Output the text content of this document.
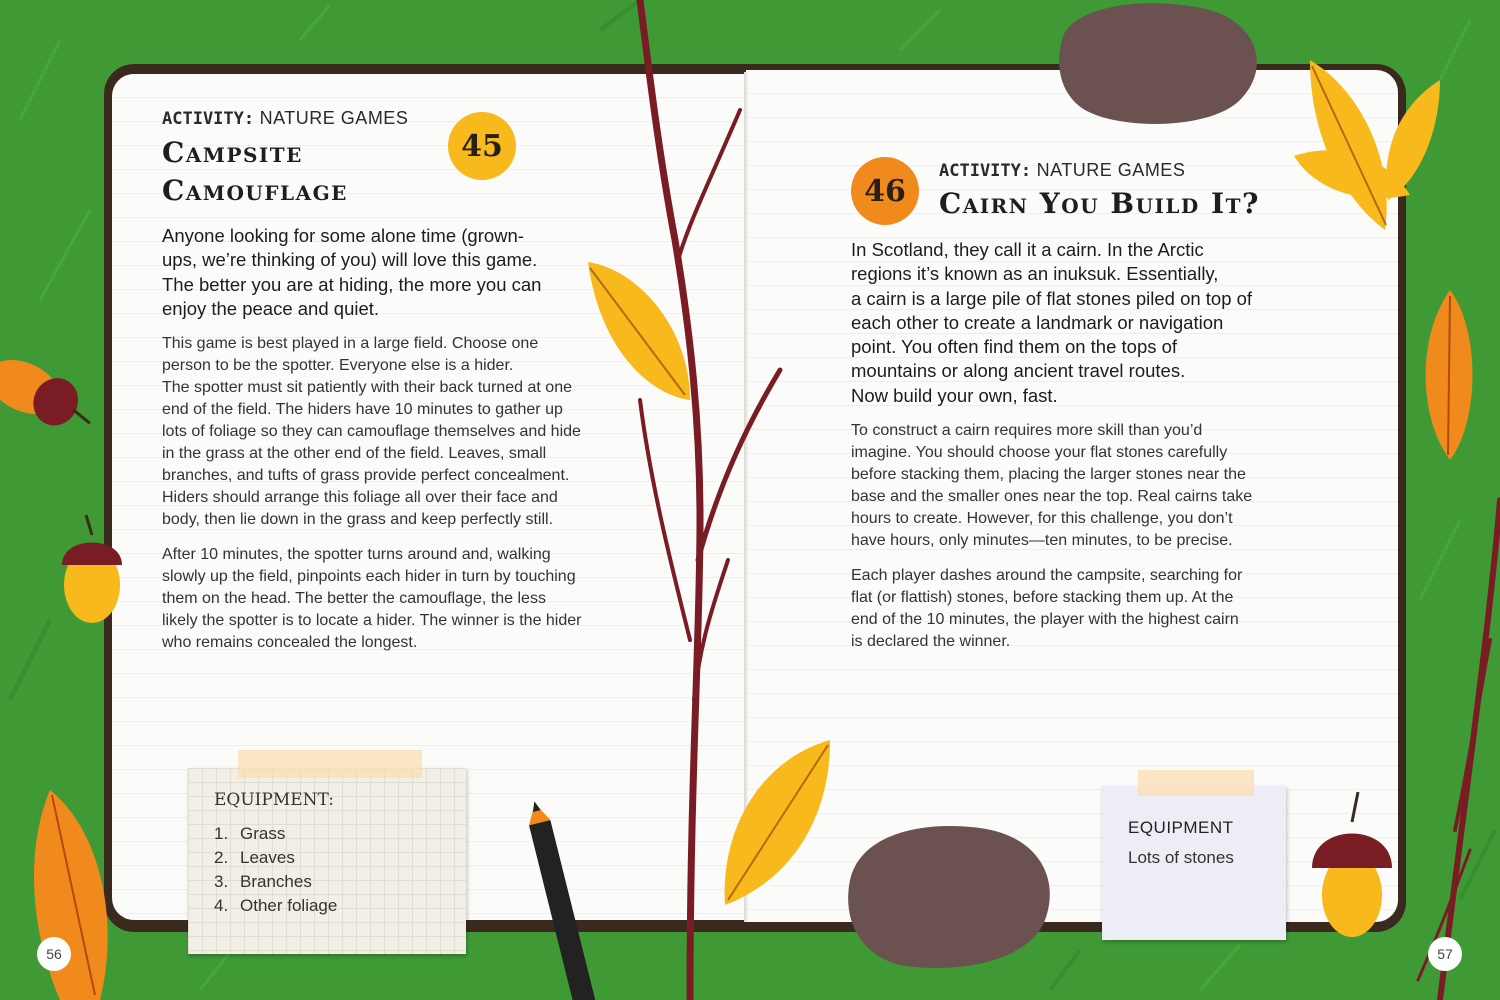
ACTIVITY: NATURE GAMES
Campsite
Camouflage
45
Anyone looking for some alone time (grown-
ups, we’re thinking of you) will love this game.
The better you are at hiding, the more you can
enjoy the peace and quiet.
This game is best played in a large field. Choose one
person to be the spotter. Everyone else is a hider.
The spotter must sit patiently with their back turned at one
end of the field. The hiders have 10 minutes to gather up
lots of foliage so they can camouflage themselves and hide
in the grass at the other end of the field. Leaves, small
branches, and tufts of grass provide perfect concealment.
Hiders should arrange this foliage all over their face and
body, then lie down in the grass and keep perfectly still.
After 10 minutes, the spotter turns around and, walking
slowly up the field, pinpoints each hider in turn by touching
them on the head. The better the camouflage, the less
likely the spotter is to locate a hider. The winner is the hider
who remains concealed the longest.
46
ACTIVITY: NATURE GAMES
Cairn You Build It?
In Scotland, they call it a cairn. In the Arctic
regions it’s known as an inuksuk. Essentially,
a cairn is a large pile of flat stones piled on top of
each other to create a landmark or navigation
point. You often find them on the tops of
mountains or along ancient travel routes.
Now build your own, fast.
To construct a cairn requires more skill than you’d
imagine. You should choose your flat stones carefully
before stacking them, placing the larger stones near the
base and the smaller ones near the top. Real cairns take
hours to create. However, for this challenge, you don’t
have hours, only minutes—ten minutes, to be precise.
Each player dashes around the campsite, searching for
flat (or flattish) stones, before stacking them up. At the
end of the 10 minutes, the player with the highest cairn
is declared the winner.
EQUIPMENT:
1. Grass
2. Leaves
3. Branches
4. Other foliage
EQUIPMENT
Lots of stones
56	57
